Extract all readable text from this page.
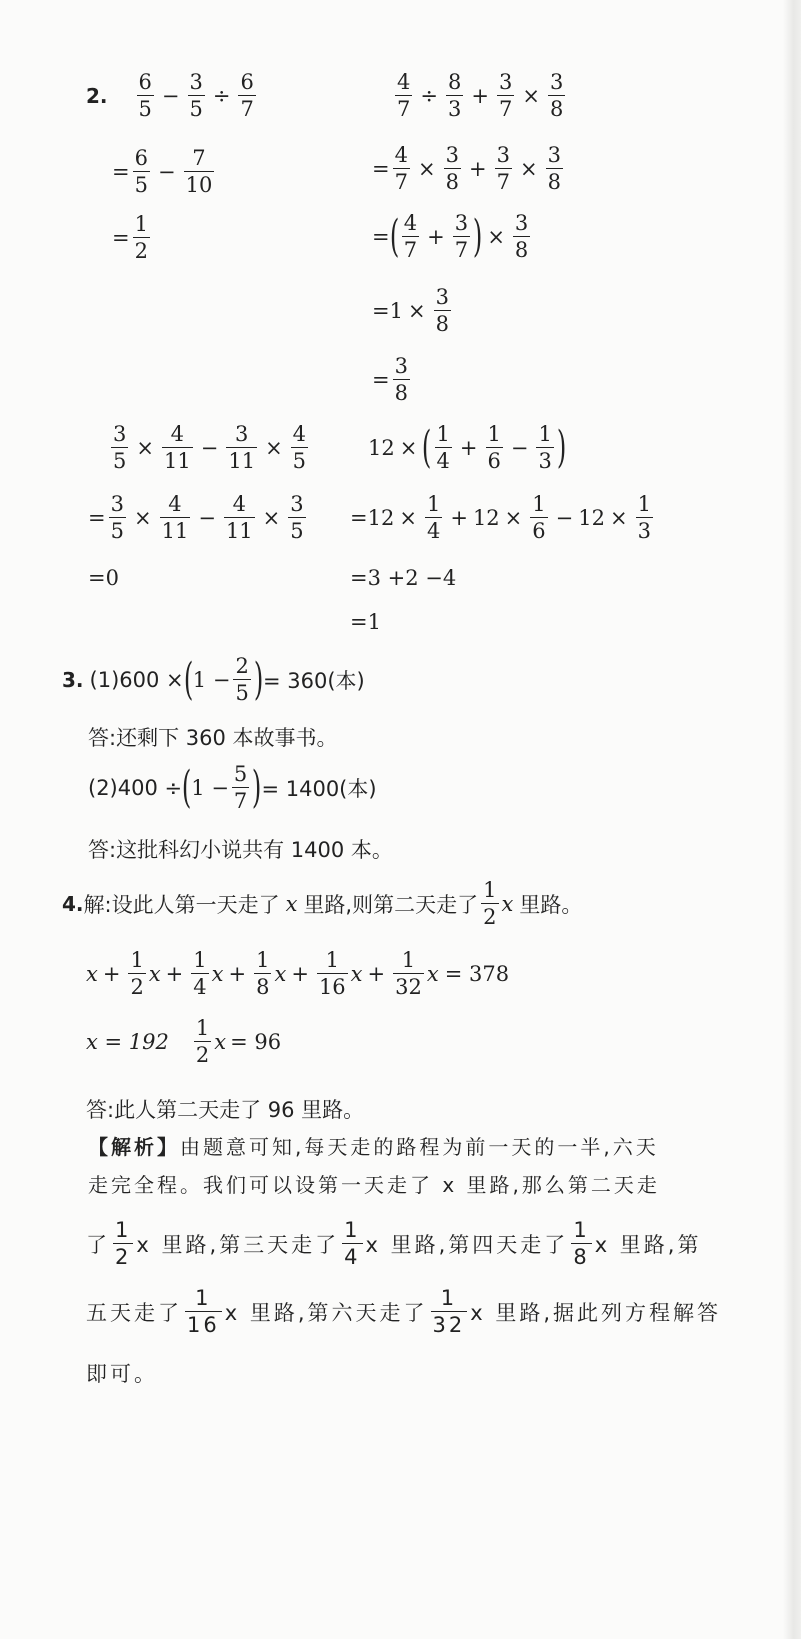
2. $\frac{6}{5} - \frac{3}{5} \div \frac{6}{7}$
= $\frac{6}{5} - \frac{7}{10}$
= $\frac{1}{2}$
$\frac{4}{7} \div \frac{8}{3} + \frac{3}{7} \times \frac{3}{8}$
= $\frac{4}{7} \times \frac{3}{8} + \frac{3}{7} \times \frac{3}{8}$
= ( $\frac{4}{7} + \frac{3}{7}$ ) × $\frac{3}{8}$
= $1 \times \frac{3}{8}$
= $\frac{3}{8}$
$\frac{3}{5} \times \frac{4}{11} - \frac{3}{11} \times \frac{4}{5}$
= $\frac{3}{5} \times \frac{4}{11} - \frac{4}{11} \times \frac{3}{5}$
= 0
12 × ( $\frac{1}{4} + \frac{1}{6} - \frac{1}{3}$ )
= $12 \times \frac{1}{4} + 12 \times \frac{1}{6} - 12 \times \frac{1}{3}$
= 3 +2 −4
= 1
3. (1)600 × ( $1 - \frac{2}{5}$ ) = 360(本)
答:还剩下 360 本故事书。
(2)400 ÷ ( $1 - \frac{5}{7}$ ) = 1400(本)
答:这批科幻小说共有 1400 本。
4. 解:设此人第一天走了 x 里路,则第二天走了 $\frac{1}{2}$ x 里路。
$x + \frac{1}{2}$ $x + \frac{1}{4}$ $x + \frac{1}{8}$ $x + \frac{1}{16}$ $x + \frac{1}{32}$ x = 378
$x = 192 \frac{1}{2}$ x = 96
答:此人第二天走了 96 里路。
【解析】由题意可知,每天走的路程为前一天的一半,六天走完全程。我们可以设第一天走了 x 里路,那么第二天走
了 $\frac{1}{2}$ x 里路,第三天走了 $\frac{1}{4}$ x 里路,第四天走了 $\frac{1}{8}$ x 里路,第
五天走了 $\frac{1}{16}$ x 里路,第六天走了 $\frac{1}{32}$ x 里路,据此列方程解答
即可。
